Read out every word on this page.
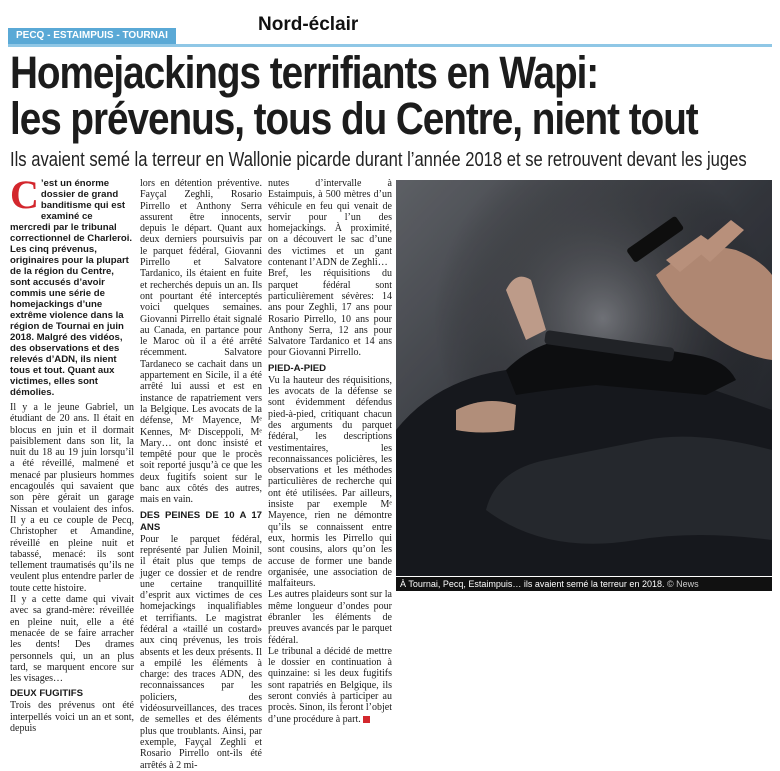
PECQ - ESTAIMPUIS - TOURNAI
Nord-éclair
Homejackings terrifiants en Wapi:
les prévenus, tous du Centre, nient tout
Ils avaient semé la terreur en Wallonie picarde durant l’année 2018 et se retrouvent devant les juges

C ’est un énorme dossier de grand banditisme qui est examiné ce mercredi par le tribunal correctionnel de Charleroi. Les cinq prévenus, originaires pour la plupart de la région du Centre, sont accusés d’avoir commis une série de homejackings d’une extrême violence dans la région de Tournai en juin 2018. Malgré des vidéos, des observations et des relevés d’ADN, ils nient tous et tout. Quant aux victimes, elles sont démolies.

Il y a le jeune Gabriel, un étudiant de 20 ans. Il était en blocus en juin et il dormait paisiblement dans son lit, la nuit du 18 au 19 juin lorsqu’il a été réveillé, malmené et menacé par plusieurs hommes encagoulés qui savaient que son père gérait un garage Nissan et voulaient des infos. Il y a eu ce couple de Pecq, Christopher et Amandine, réveillé en pleine nuit et tabassé, menacé: ils sont tellement traumatisés qu’ils ne veulent plus entendre parler de toute cette histoire.

Il y a cette dame qui vivait avec sa grand-mère: réveillée en pleine nuit, elle a été menacée de se faire arracher les dents! Des drames personnels qui, un an plus tard, se marquent encore sur les visages…

DEUX FUGITIFS

Trois des prévenus ont été interpellés voici un an et sont, depuis

lors en détention préventive. Fayçal Zeghli, Rosario Pirrello et Anthony Serra assurent être innocents, depuis le départ. Quant aux deux derniers poursuivis par le parquet fédéral, Giovanni Pirrello et Salvatore Tardanico, ils étaient en fuite et recherchés depuis un an. Ils ont pourtant été interceptés voici quelques semaines. Giovanni Pirrello était signalé au Canada, en partance pour le Maroc où il a été arrêté récemment. Salvatore Tardaneco se cachait dans un appartement en Sicile, il a été arrêté lui aussi et est en instance de rapatriement vers la Belgique. Les avocats de la défense, Mᵉ Mayence, Mᵉ Kennes, Mᵉ Disceppoli, Mᵉ Mary… ont donc insisté et tempêté pour que le procès soit reporté jusqu’à ce que les deux fugitifs soient sur le banc aux côtés des autres, mais en vain.

DES PEINES DE 10 A 17 ANS

Pour le parquet fédéral, représenté par Julien Moinil, il était plus que temps de juger ce dossier et de rendre une certaine tranquillité d’esprit aux victimes de ces homejackings inqualifiables et terrifiants. Le magistrat fédéral a «taillé un costard» aux cinq prévenus, les trois absents et les deux présents. Il a empilé les éléments à charge: des traces ADN, des reconnaissances par les policiers, des vidéosurveillances, des traces de semelles et des éléments plus que troublants. Ainsi, par exemple, Fayçal Zeghli et Rosario Pirrello ont-ils été arrêtés à 2 mi-

nutes d’intervalle à Estaimpuis, à 500 mètres d’un véhicule en feu qui venait de servir pour l’un des homejackings. À proximité, on a découvert le sac d’une des victimes et un gant contenant l’ADN de Zeghli…

Bref, les réquisitions du parquet fédéral sont particulièrement sévères: 14 ans pour Zeghli, 17 ans pour Rosario Pirrello, 10 ans pour Anthony Serra, 12 ans pour Salvatore Tardanico et 14 ans pour Giovanni Pirrello.

PIED-A-PIED

Vu la hauteur des réquisitions, les avocats de la défense se sont évidemment défendus pied-à-pied, critiquant chacun des arguments du parquet fédéral, les descriptions vestimentaires, les reconnaissances policières, les observations et les méthodes particulières de recherche qui ont été utilisées. Par ailleurs, insiste par exemple Mᵉ Mayence, rien ne démontre qu’ils se connaissent entre eux, hormis les Pirrello qui sont cousins, alors qu’on les accuse de former une bande organisée, une association de malfaiteurs.

Les autres plaideurs sont sur la même longueur d’ondes pour ébranler les éléments de preuves avancés par le parquet fédéral.

Le tribunal a décidé de mettre le dossier en continuation à quinzaine: si les deux fugitifs sont rapatriés en Belgique, ils seront conviés à participer au procès. Sinon, ils feront l’objet d’une procédure à part.

À Tournai, Pecq, Estaimpuis… ils avaient semé la terreur en 2018. © News
